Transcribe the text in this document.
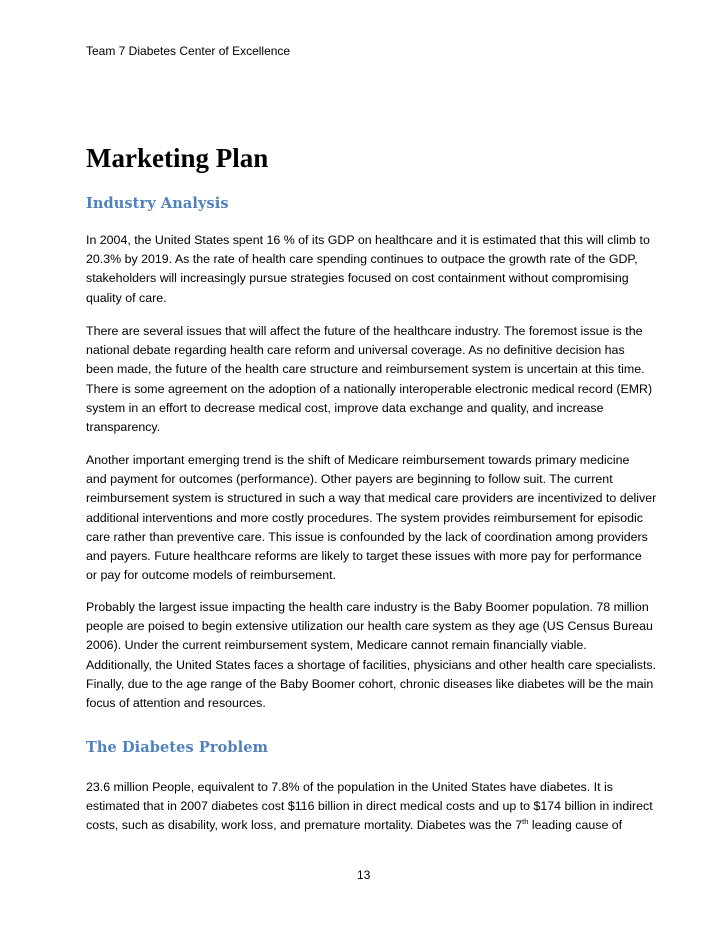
Team 7 Diabetes Center of Excellence
Marketing Plan
Industry Analysis

In 2004, the United States spent 16 % of its GDP on healthcare and it is estimated that this will climb to
20.3% by 2019. As the rate of health care spending continues to outpace the growth rate of the GDP,
stakeholders will increasingly pursue strategies focused on cost containment without compromising
quality of care.

There are several issues that will affect the future of the healthcare industry. The foremost issue is the
national debate regarding health care reform and universal coverage. As no definitive decision has
been made, the future of the health care structure and reimbursement system is uncertain at this time.
There is some agreement on the adoption of a nationally interoperable electronic medical record (EMR)
system in an effort to decrease medical cost, improve data exchange and quality, and increase
transparency.

Another important emerging trend is the shift of Medicare reimbursement towards primary medicine
and payment for outcomes (performance). Other payers are beginning to follow suit. The current
reimbursement system is structured in such a way that medical care providers are incentivized to deliver
additional interventions and more costly procedures. The system provides reimbursement for episodic
care rather than preventive care. This issue is confounded by the lack of coordination among providers
and payers. Future healthcare reforms are likely to target these issues with more pay for performance
or pay for outcome models of reimbursement.

Probably the largest issue impacting the health care industry is the Baby Boomer population. 78 million
people are poised to begin extensive utilization our health care system as they age (US Census Bureau
2006). Under the current reimbursement system, Medicare cannot remain financially viable.
Additionally, the United States faces a shortage of facilities, physicians and other health care specialists.
Finally, due to the age range of the Baby Boomer cohort, chronic diseases like diabetes will be the main
focus of attention and resources.

The Diabetes Problem

23.6 million People, equivalent to 7.8% of the population in the United States have diabetes. It is
estimated that in 2007 diabetes cost $116 billion in direct medical costs and up to $174 billion in indirect
costs, such as disability, work loss, and premature mortality. Diabetes was the 7th leading cause of

13
